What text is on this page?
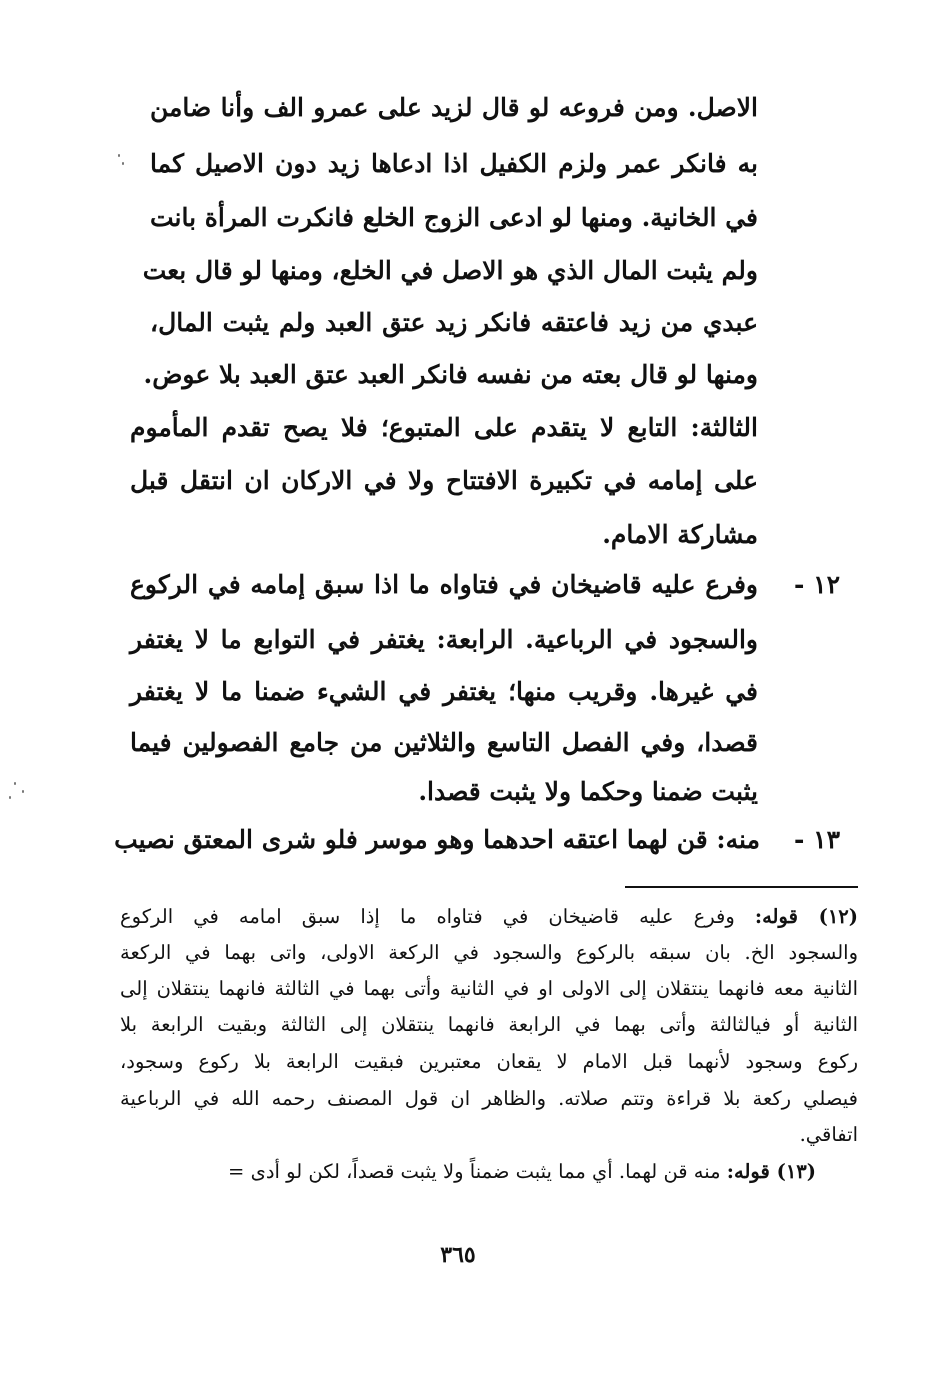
الاصل. ومن فروعه لو قال لزيد على عمرو الف وأنا ضامن
به فانكر عمر ولزم الكفيل اذا ادعاها زيد دون الاصيل كما
في الخانية. ومنها لو ادعى الزوج الخلع فانكرت المرأة بانت
ولم يثبت المال الذي هو الاصل في الخلع، ومنها لو قال بعت
عبدي من زيد فاعتقه فانكر زيد عتق العبد ولم يثبت المال،
ومنها لو قال بعته من نفسه فانكر العبد عتق العبد بلا عوض.
الثالثة: التابع لا يتقدم على المتبوع؛ فلا يصح تقدم المأموم
على إمامه في تكبيرة الافتتاح ولا في الاركان ان انتقل قبل
مشاركة الامام.
١٢ -
وفرع عليه قاضيخان في فتاواه ما اذا سبق إمامه في الركوع
والسجود في الرباعية. الرابعة: يغتفر في التوابع ما لا يغتفر
في غيرها. وقريب منها؛ يغتفر في الشيء ضمنا ما لا يغتفر
قصدا، وفي الفصل التاسع والثلاثين من جامع الفصولين فيما
يثبت ضمنا وحكما ولا يثبت قصدا.
١٣ -
منه: قن لهما اعتقه احدهما وهو موسر فلو شرى المعتق نصيب
(١٢) قوله: وفرع عليه قاضيخان في فتاواه ما إذا سبق امامه في الركوع
والسجود الخ. بان سبقه بالركوع والسجود في الركعة الاولى، واتى بهما في الركعة
الثانية معه فانهما ينتقلان إلى الاولى او في الثانية وأتى بهما في الثالثة فانهما ينتقلان إلى
الثانية أو فيالثالثة وأتى بهما في الرابعة فانهما ينتقلان إلى الثالثة وبقيت الرابعة بلا
ركوع وسجود لأنهما قبل الامام لا يقعان معتبرين فبقيت الرابعة بلا ركوع وسجود،
فيصلي ركعة بلا قراءة وتتم صلاته. والظاهر ان قول المصنف رحمه الله في الرباعية
اتفاقي.
(١٣) قوله: منه قن لهما. أي مما يثبت ضمناً ولا يثبت قصداً، لكن لو أدى =
٣٦٥
